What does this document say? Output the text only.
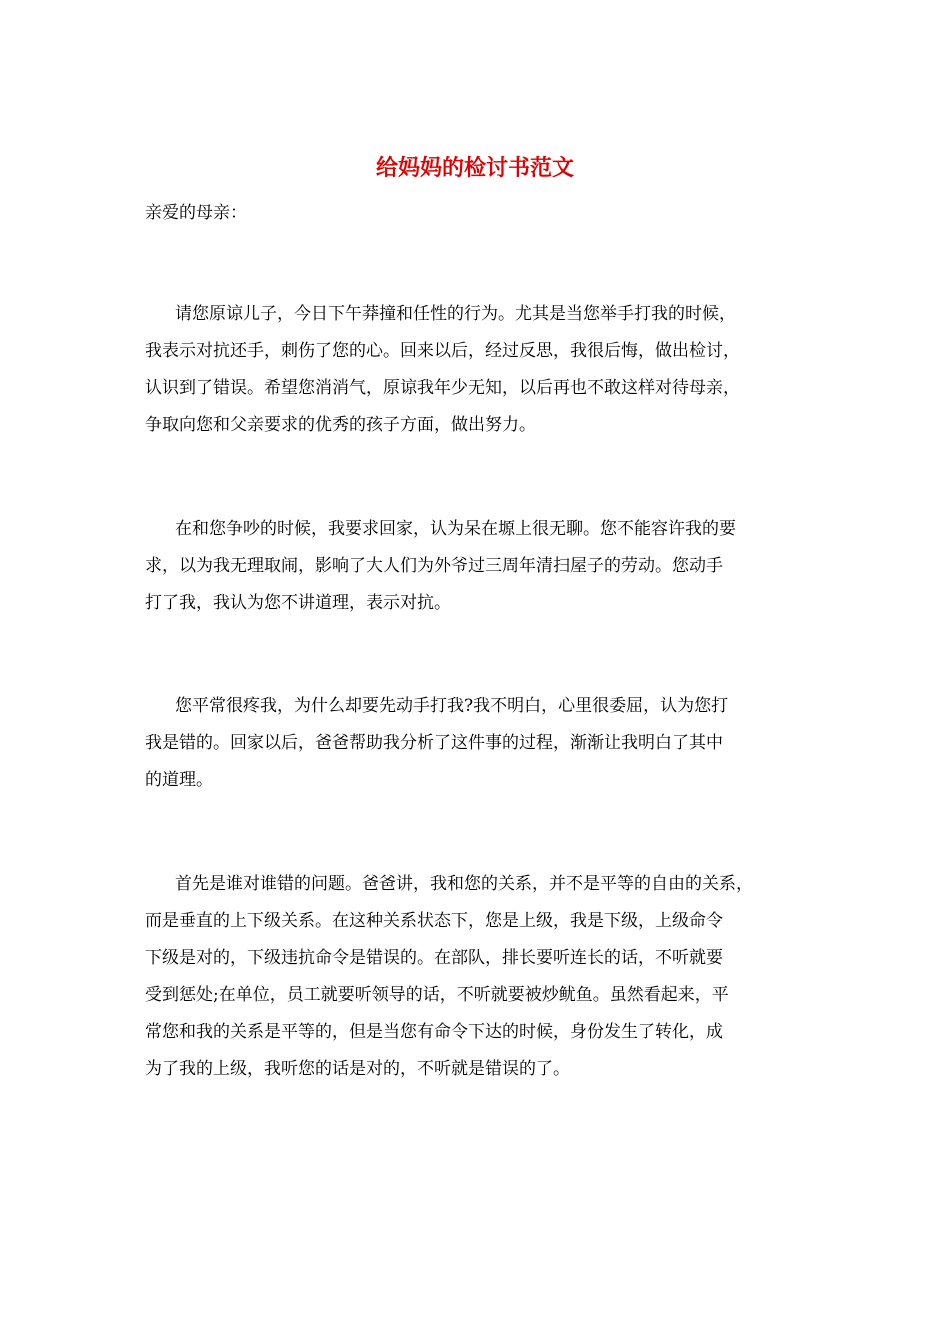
给妈妈的检讨书范文
亲爱的母亲：
请您原谅儿子，今日下午莽撞和任性的行为。尤其是当您举手打我的时候，
我表示对抗还手，刺伤了您的心。回来以后，经过反思，我很后悔，做出检讨，
认识到了错误。希望您消消气，原谅我年少无知，以后再也不敢这样对待母亲，
争取向您和父亲要求的优秀的孩子方面，做出努力。
在和您争吵的时候，我要求回家，认为呆在塬上很无聊。您不能容许我的要
求，以为我无理取闹，影响了大人们为外爷过三周年清扫屋子的劳动。您动手
打了我，我认为您不讲道理，表示对抗。
您平常很疼我，为什么却要先动手打我?我不明白，心里很委屈，认为您打
我是错的。回家以后，爸爸帮助我分析了这件事的过程，渐渐让我明白了其中
的道理。
首先是谁对谁错的问题。爸爸讲，我和您的关系，并不是平等的自由的关系，
而是垂直的上下级关系。在这种关系状态下，您是上级，我是下级，上级命令
下级是对的，下级违抗命令是错误的。在部队，排长要听连长的话，不听就要
受到惩处;在单位，员工就要听领导的话，不听就要被炒鱿鱼。虽然看起来，平
常您和我的关系是平等的，但是当您有命令下达的时候，身份发生了转化，成
为了我的上级，我听您的话是对的，不听就是错误的了。
